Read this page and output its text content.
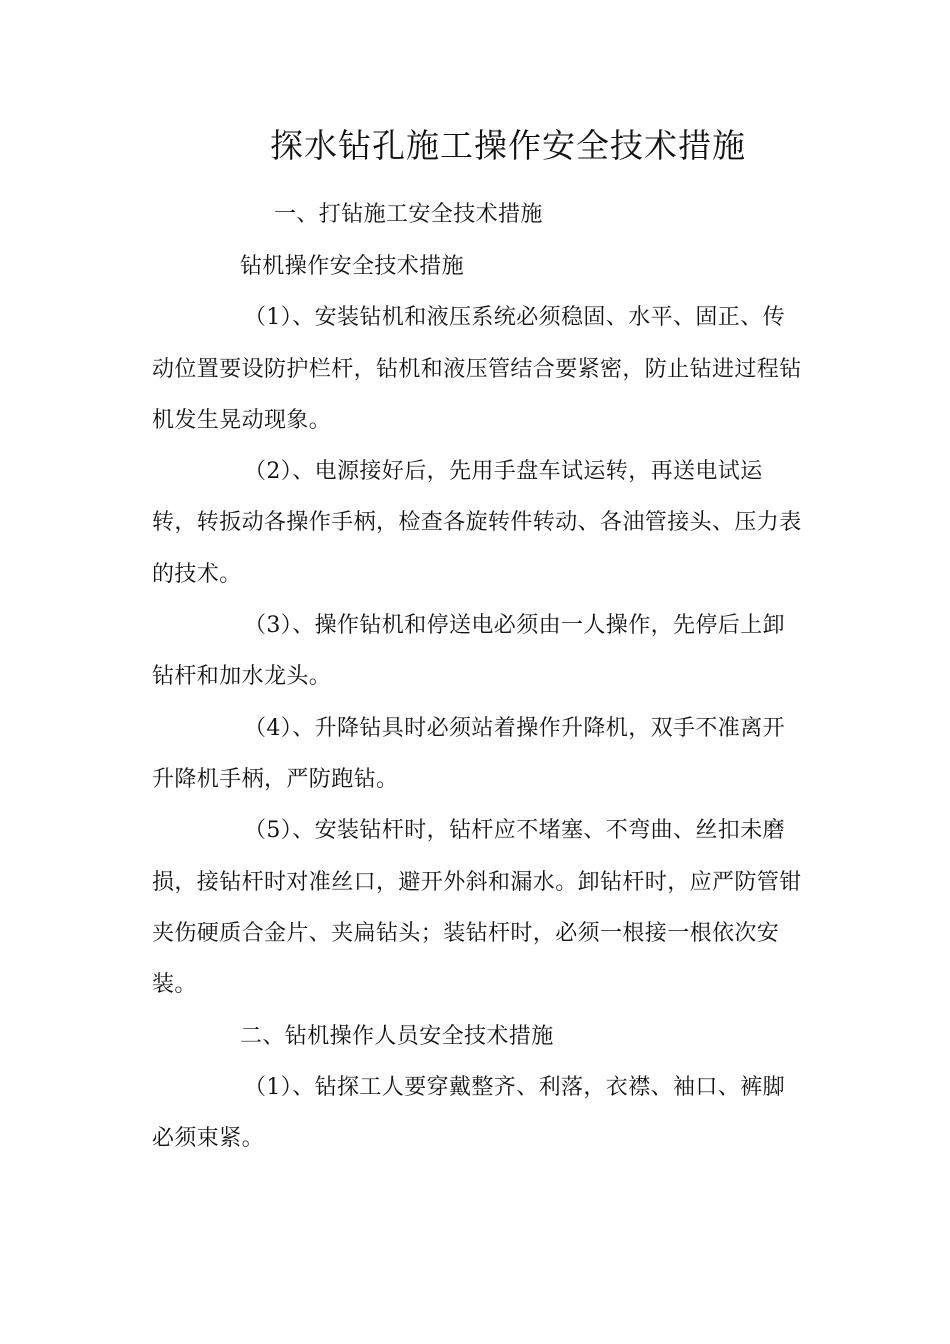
探水钻孔施工操作安全技术措施
一、打钻施工安全技术措施
钻机操作安全技术措施
（1）、安装钻机和液压系统必须稳固、水平、固正、传
动位置要设防护栏杆，钻机和液压管结合要紧密，防止钻进过程钻
机发生晃动现象。
（2）、电源接好后，先用手盘车试运转，再送电试运
转，转扳动各操作手柄，检查各旋转件转动、各油管接头、压力表
的技术。
（3）、操作钻机和停送电必须由一人操作，先停后上卸
钻杆和加水龙头。
（4）、升降钻具时必须站着操作升降机，双手不准离开
升降机手柄，严防跑钻。
（5）、安装钻杆时，钻杆应不堵塞、不弯曲、丝扣未磨
损，接钻杆时对准丝口，避开外斜和漏水。卸钻杆时，应严防管钳
夹伤硬质合金片、夹扁钻头；装钻杆时，必须一根接一根依次安
装。
二、钻机操作人员安全技术措施
（1）、钻探工人要穿戴整齐、利落，衣襟、袖口、裤脚
必须束紧。
